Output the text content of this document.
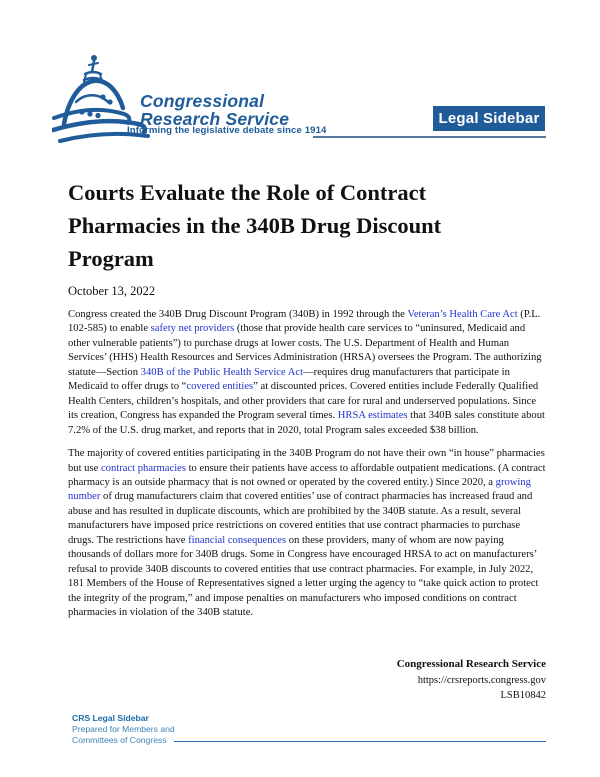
Congressional
Research Service
Informing the legislative debate since 1914
Legal Sidebar
Courts Evaluate the Role of Contract Pharmacies in the 340B Drug Discount Program
October 13, 2022

Congress created the 340B Drug Discount Program (340B) in 1992 through the Veteran’s Health Care Act (P.L. 102-585) to enable safety net providers (those that provide health care services to “uninsured, Medicaid and other vulnerable patients”) to purchase drugs at lower costs. The U.S. Department of Health and Human Services’ (HHS) Health Resources and Services Administration (HRSA) oversees the Program. The authorizing statute—Section 340B of the Public Health Service Act—requires drug manufacturers that participate in Medicaid to offer drugs to “covered entities” at discounted prices. Covered entities include Federally Qualified Health Centers, children’s hospitals, and other providers that care for rural and underserved populations. Since its creation, Congress has expanded the Program several times. HRSA estimates that 340B sales constitute about 7.2% of the U.S. drug market, and reports that in 2020, total Program sales exceeded $38 billion.

The majority of covered entities participating in the 340B Program do not have their own “in house” pharmacies but use contract pharmacies to ensure their patients have access to affordable outpatient medications. (A contract pharmacy is an outside pharmacy that is not owned or operated by the covered entity.) Since 2020, a growing number of drug manufacturers claim that covered entities’ use of contract pharmacies has increased fraud and abuse and has resulted in duplicate discounts, which are prohibited by the 340B statute. As a result, several manufacturers have imposed price restrictions on covered entities that use contract pharmacies to purchase drugs. The restrictions have financial consequences on these providers, many of whom are now paying thousands of dollars more for 340B drugs. Some in Congress have encouraged HRSA to act on manufacturers’ refusal to provide 340B discounts to covered entities that use contract pharmacies. For example, in July 2022, 181 Members of the House of Representatives signed a letter urging the agency to “take quick action to protect the integrity of the program,” and impose penalties on manufacturers who imposed conditions on contract pharmacies in violation of the 340B statute.

Congressional Research Service
https://crsreports.congress.gov
LSB10842
CRS Legal Sidebar
Prepared for Members and
Committees of Congress
